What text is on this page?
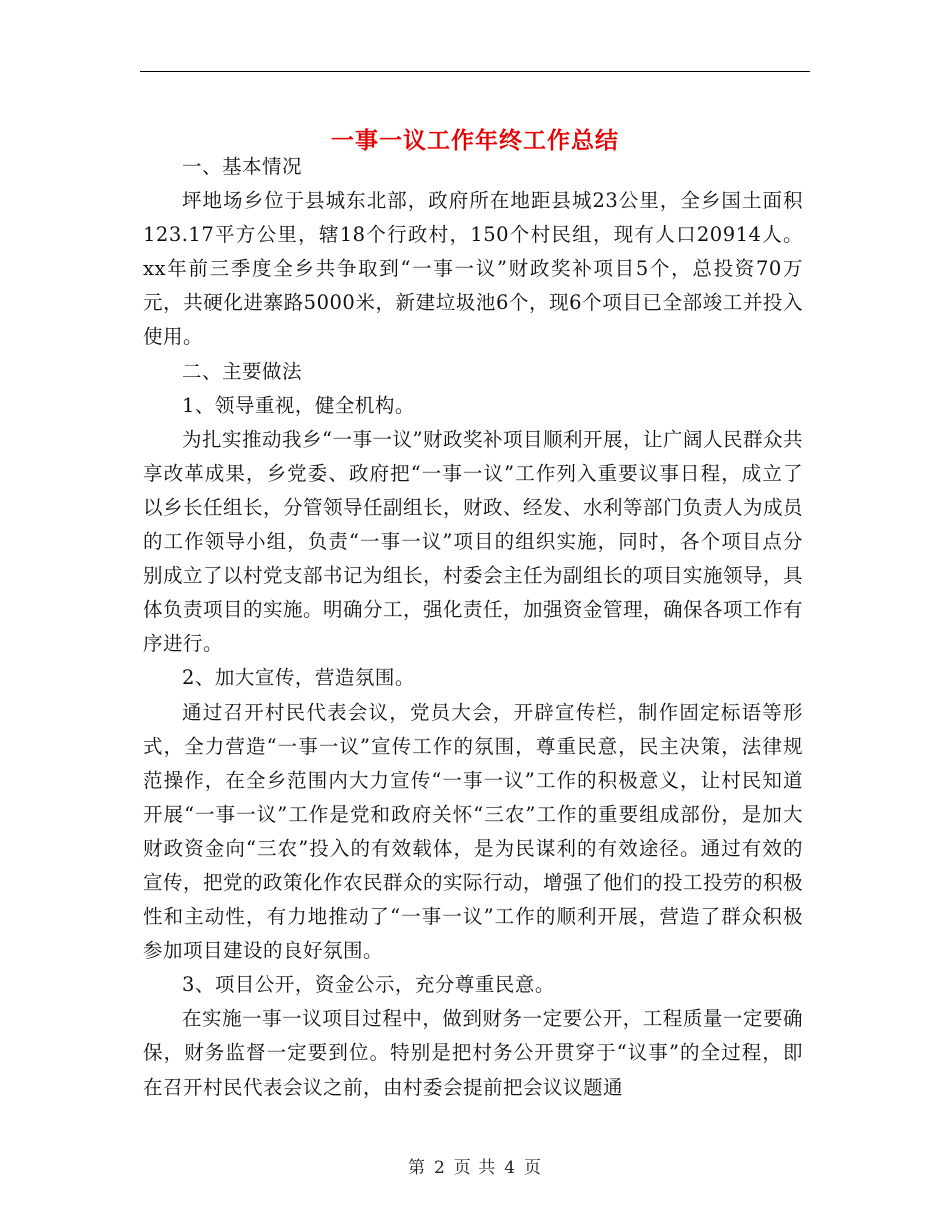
一事一议工作年终工作总结

一、基本情况

坪地场乡位于县城东北部，政府所在地距县城23公里，全乡国土面积123.17平方公里，辖18个行政村，150个村民组，现有人口20914人。xx年前三季度全乡共争取到“一事一议”财政奖补项目5个，总投资70万元，共硬化进寨路5000米，新建垃圾池6个，现6个项目已全部竣工并投入使用。

二、主要做法

1、领导重视，健全机构。

为扎实推动我乡“一事一议”财政奖补项目顺利开展，让广阔人民群众共享改革成果，乡党委、政府把“一事一议”工作列入重要议事日程，成立了以乡长任组长，分管领导任副组长，财政、经发、水利等部门负责人为成员的工作领导小组，负责“一事一议”项目的组织实施，同时，各个项目点分别成立了以村党支部书记为组长，村委会主任为副组长的项目实施领导，具体负责项目的实施。明确分工，强化责任，加强资金管理，确保各项工作有序进行。

2、加大宣传，营造氛围。

通过召开村民代表会议，党员大会，开辟宣传栏，制作固定标语等形式，全力营造“一事一议”宣传工作的氛围，尊重民意，民主决策，法律规范操作，在全乡范围内大力宣传“一事一议”工作的积极意义，让村民知道开展“一事一议”工作是党和政府关怀“三农”工作的重要组成部份，是加大财政资金向“三农”投入的有效载体，是为民谋利的有效途径。通过有效的宣传，把党的政策化作农民群众的实际行动，增强了他们的投工投劳的积极性和主动性，有力地推动了“一事一议”工作的顺利开展，营造了群众积极参加项目建设的良好氛围。

3、项目公开，资金公示，充分尊重民意。

在实施一事一议项目过程中，做到财务一定要公开，工程质量一定要确保，财务监督一定要到位。特别是把村务公开贯穿于“议事”的全过程，即在召开村民代表会议之前，由村委会提前把会议议题通

第 2 页 共 4 页
